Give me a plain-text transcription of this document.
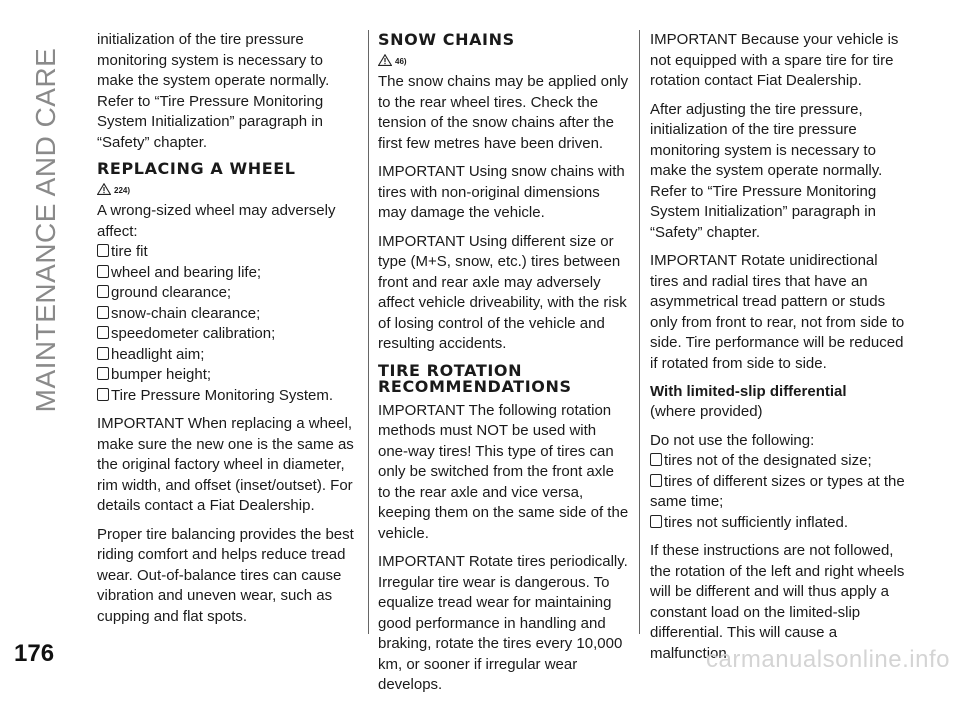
MAINTENANCE AND CARE

initialization of the tire pressure monitoring system is necessary to make the system operate normally. Refer to “Tire Pressure Monitoring System Initialization” paragraph in “Safety” chapter.

REPLACING A WHEEL
224)

A wrong-sized wheel may adversely affect:

tire fit
wheel and bearing life;
ground clearance;
snow-chain clearance;
speedometer calibration;
headlight aim;
bumper height;
Tire Pressure Monitoring System.

IMPORTANT When replacing a wheel, make sure the new one is the same as the original factory wheel in diameter, rim width, and offset (inset/outset). For details contact a Fiat Dealership.

Proper tire balancing provides the best riding comfort and helps reduce tread wear. Out-of-balance tires can cause vibration and uneven wear, such as cupping and flat spots.

SNOW CHAINS
46)

The snow chains may be applied only to the rear wheel tires. Check the tension of the snow chains after the first few metres have been driven.

IMPORTANT Using snow chains with tires with non-original dimensions may damage the vehicle.

IMPORTANT Using different size or type (M+S, snow, etc.) tires between front and rear axle may adversely affect vehicle driveability, with the risk of losing control of the vehicle and resulting accidents.

TIRE ROTATION RECOMMENDATIONS

IMPORTANT The following rotation methods must NOT be used with one-way tires! This type of tires can only be switched from the front axle to the rear axle and vice versa, keeping them on the same side of the vehicle.

IMPORTANT Rotate tires periodically. Irregular tire wear is dangerous. To equalize tread wear for maintaining good performance in handling and braking, rotate the tires every 10,000 km, or sooner if irregular wear develops.

IMPORTANT Because your vehicle is not equipped with a spare tire for tire rotation contact Fiat Dealership.

After adjusting the tire pressure, initialization of the tire pressure monitoring system is necessary to make the system operate normally. Refer to “Tire Pressure Monitoring System Initialization” paragraph in “Safety” chapter.

IMPORTANT Rotate unidirectional tires and radial tires that have an asymmetrical tread pattern or studs only from front to rear, not from side to side. Tire performance will be reduced if rotated from side to side.

With limited-slip differential

(where provided)

Do not use the following:

tires not of the designated size;
tires of different sizes or types at the same time;
tires not sufficiently inflated.

If these instructions are not followed, the rotation of the left and right wheels will be different and will thus apply a constant load on the limited-slip differential. This will cause a malfunction.

176	carmanualsonline.info
